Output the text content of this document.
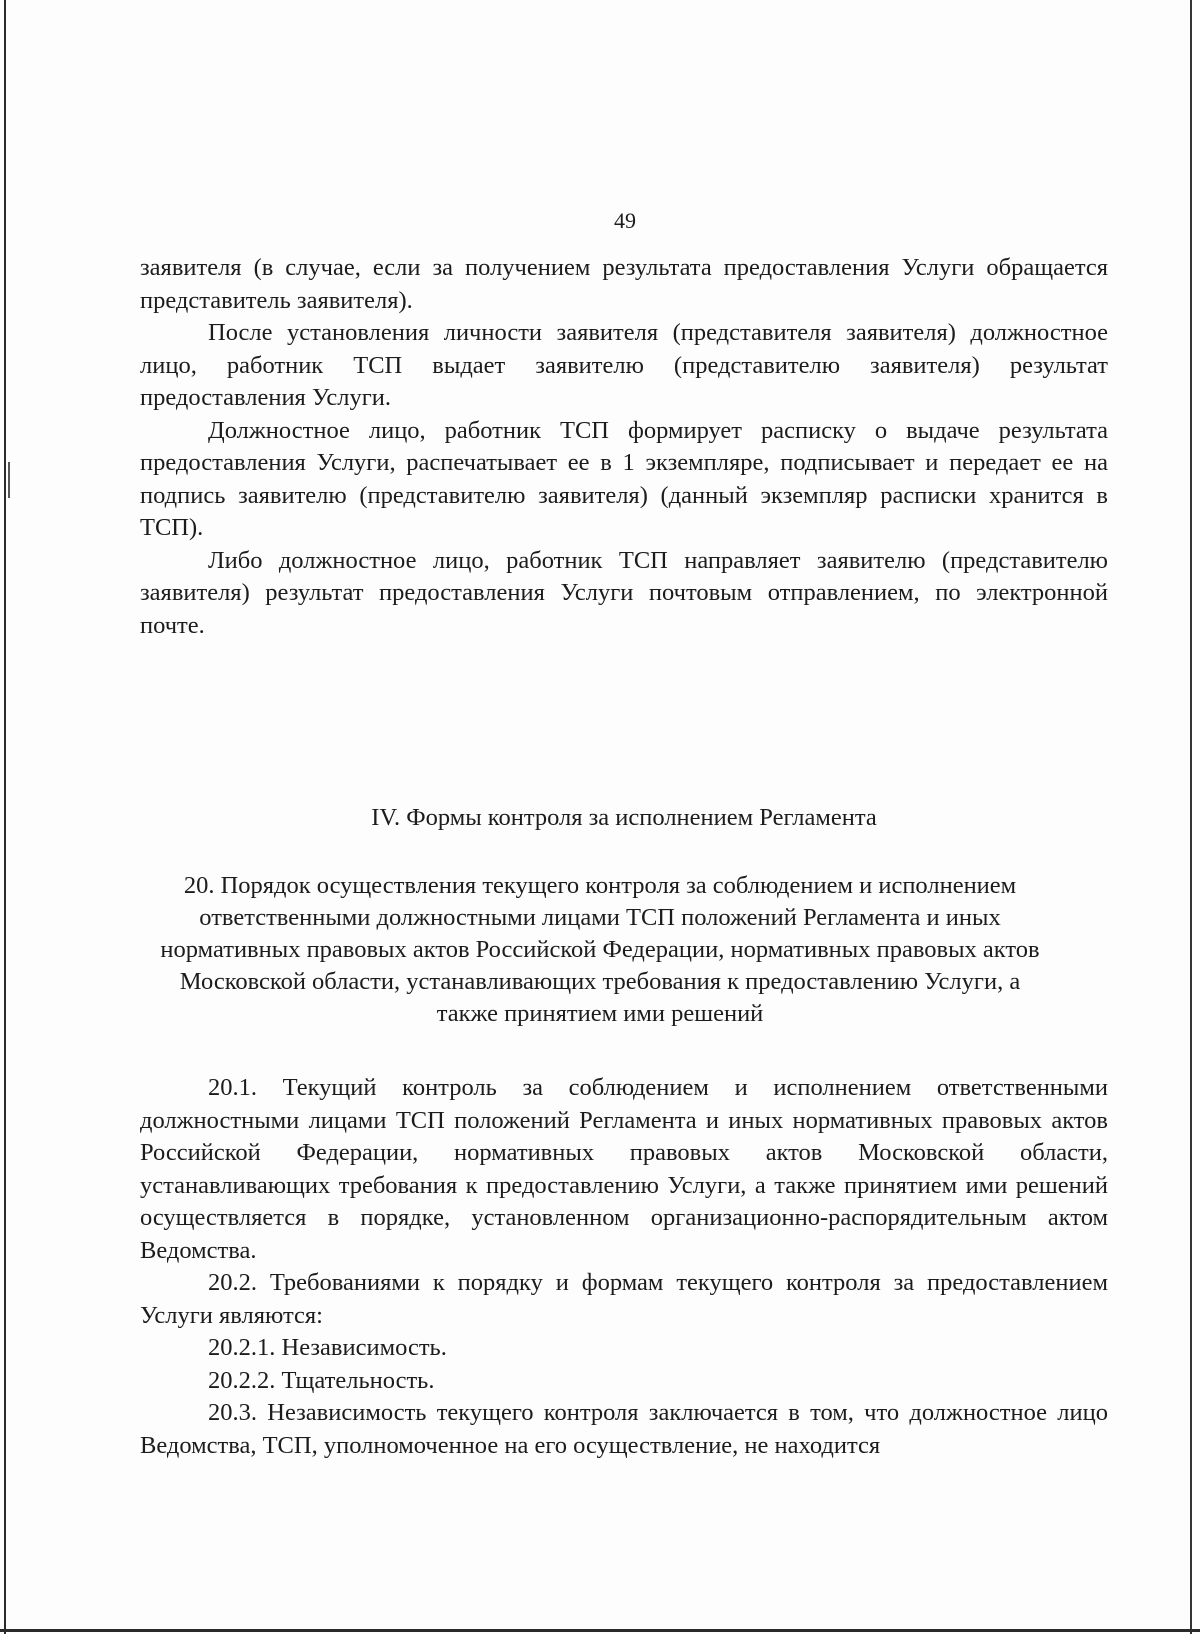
49

заявителя (в случае, если за получением результата предоставления Услуги обращается представитель заявителя).

После установления личности заявителя (представителя заявителя) должностное лицо, работник ТСП выдает заявителю (представителю заявителя) результат предоставления Услуги.

Должностное лицо, работник ТСП формирует расписку о выдаче результата предоставления Услуги, распечатывает ее в 1 экземпляре, подписывает и передает ее на подпись заявителю (представителю заявителя) (данный экземпляр расписки хранится в ТСП).

Либо должностное лицо, работник ТСП направляет заявителю (представителю заявителя) результат предоставления Услуги почтовым отправлением, по электронной почте.

IV. Формы контроля за исполнением Регламента

20. Порядок осуществления текущего контроля за соблюдением и исполнением ответственными должностными лицами ТСП положений Регламента и иных нормативных правовых актов Российской Федерации, нормативных правовых актов Московской области, устанавливающих требования к предоставлению Услуги, а также принятием ими решений

20.1. Текущий контроль за соблюдением и исполнением ответственными должностными лицами ТСП положений Регламента и иных нормативных правовых актов Российской Федерации, нормативных правовых актов Московской области, устанавливающих требования к предоставлению Услуги, а также принятием ими решений осуществляется в порядке, установленном организационно-распорядительным актом Ведомства.

20.2. Требованиями к порядку и формам текущего контроля за предоставлением Услуги являются:

20.2.1. Независимость.

20.2.2. Тщательность.

20.3. Независимость текущего контроля заключается в том, что должностное лицо Ведомства, ТСП, уполномоченное на его осуществление, не находится
